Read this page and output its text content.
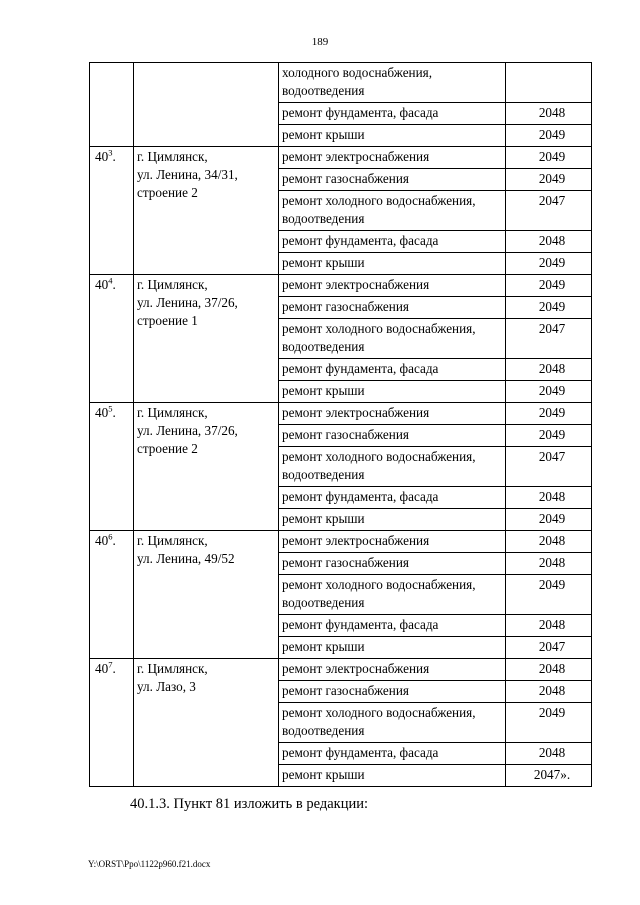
189
		холодного водоснабжения, водоотведения	
		ремонт фундамента, фасада	2048
		ремонт крыши	2049
$40^3$.	г. Цимлянск,
ул. Ленина, 34/31,
строение 2	ремонт электроснабжения	2049
		ремонт газоснабжения	2049
		ремонт холодного водоснабжения, водоотведения	2047
		ремонт фундамента, фасада	2048
		ремонт крыши	2049
$40^4$.	г. Цимлянск,
ул. Ленина, 37/26,
строение 1	ремонт электроснабжения	2049
		ремонт газоснабжения	2049
		ремонт холодного водоснабжения, водоотведения	2047
		ремонт фундамента, фасада	2048
		ремонт крыши	2049
$40^5$.	г. Цимлянск,
ул. Ленина, 37/26,
строение 2	ремонт электроснабжения	2049
		ремонт газоснабжения	2049
		ремонт холодного водоснабжения, водоотведения	2047
		ремонт фундамента, фасада	2048
		ремонт крыши	2049
$40^6$.	г. Цимлянск,
ул. Ленина, 49/52	ремонт электроснабжения	2048
		ремонт газоснабжения	2048
		ремонт холодного водоснабжения, водоотведения	2049
		ремонт фундамента, фасада	2048
		ремонт крыши	2047
$40^7$.	г. Цимлянск,
ул. Лазо, 3	ремонт электроснабжения	2048
		ремонт газоснабжения	2048
		ремонт холодного водоснабжения, водоотведения	2049
		ремонт фундамента, фасада	2048
		ремонт крыши	2047».
40.1.3. Пункт 81 изложить в редакции:
Y:\ORST\Ppo\1122p960.f21.docx
